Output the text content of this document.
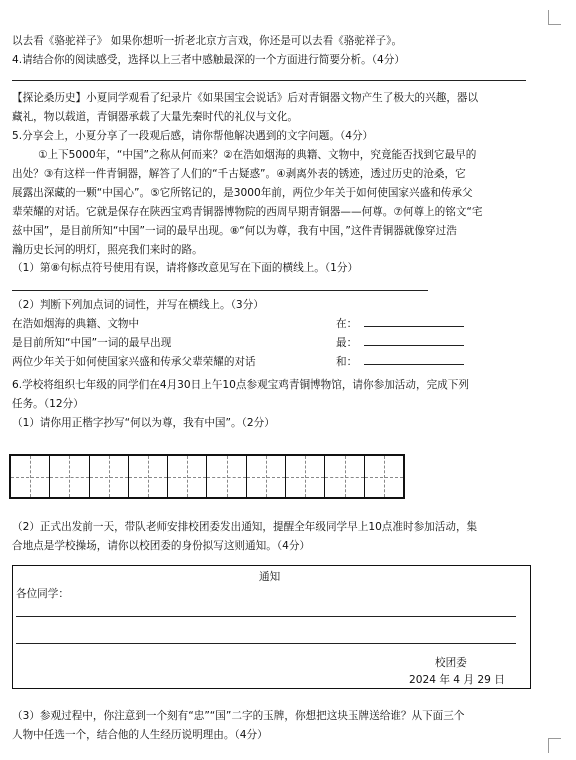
以去看《骆驼祥子》 如果你想听一折老北京方言戏，你还是可以去看《骆驼祥子》。
4.请结合你的阅读感受，选择以上三者中感触最深的一个方面进行简要分析。（4分）
【探论桑历史】小夏同学观看了纪录片《如果国宝会说话》后对青铜器文物产生了极大的兴趣，器以
藏礼，物以载道，青铜器承载了大量先秦时代的礼仪与文化。
5.分享会上，小夏分享了一段观后感，请你帮他解决遇到的文字问题。（4分）
①上下5000年，“中国”之称从何而来？②在浩如烟海的典籍、文物中，究竟能否找到它最早的
出处？③有这样一件青铜器，解答了人们的“千古疑惑”。④剥离外表的锈迹，透过历史的沧桑，它
展露出深藏的一颗“中国心”。⑤它所铭记的，是3000年前，两位少年关于如何使国家兴盛和传承父
辈荣耀的对话。它就是保存在陕西宝鸡青铜器博物院的西周早期青铜器——何尊。⑦何尊上的铭文“宅
兹中国”，是目前所知“中国”一词的最早出现。⑧“何以为尊，我有中国，”这件青铜器就像穿过浩
瀚历史长河的明灯，照亮我们来时的路。
（1）第⑧句标点符号使用有误，请将修改意见写在下面的横线上。（1分）
（2）判断下列加点词的词性，并写在横线上。（3分）
在浩如烟海的典籍、文物中	在：
是目前所知“中国”一词的最早出现	最：
两位少年关于如何使国家兴盛和传承父辈荣耀的对话	和：
6.学校将组织七年级的同学们在4月30日上午10点参观宝鸡青铜博物馆，请你参加活动，完成下列
任务。（12分）
（1）请你用正楷字抄写“何以为尊，我有中国”。（2分）
（2）正式出发前一天，带队老师安排校团委发出通知，提醒全年级同学早上10点准时参加活动，集
合地点是学校操场，请你以校团委的身份拟写这则通知。（4分）
通知
各位同学：
校团委
2024 年 4 月 29 日
（3）参观过程中，你注意到一个刻有“忠”“国”二字的玉牌，你想把这块玉牌送给谁？从下面三个
人物中任选一个，结合他的人生经历说明理由。（4分）
